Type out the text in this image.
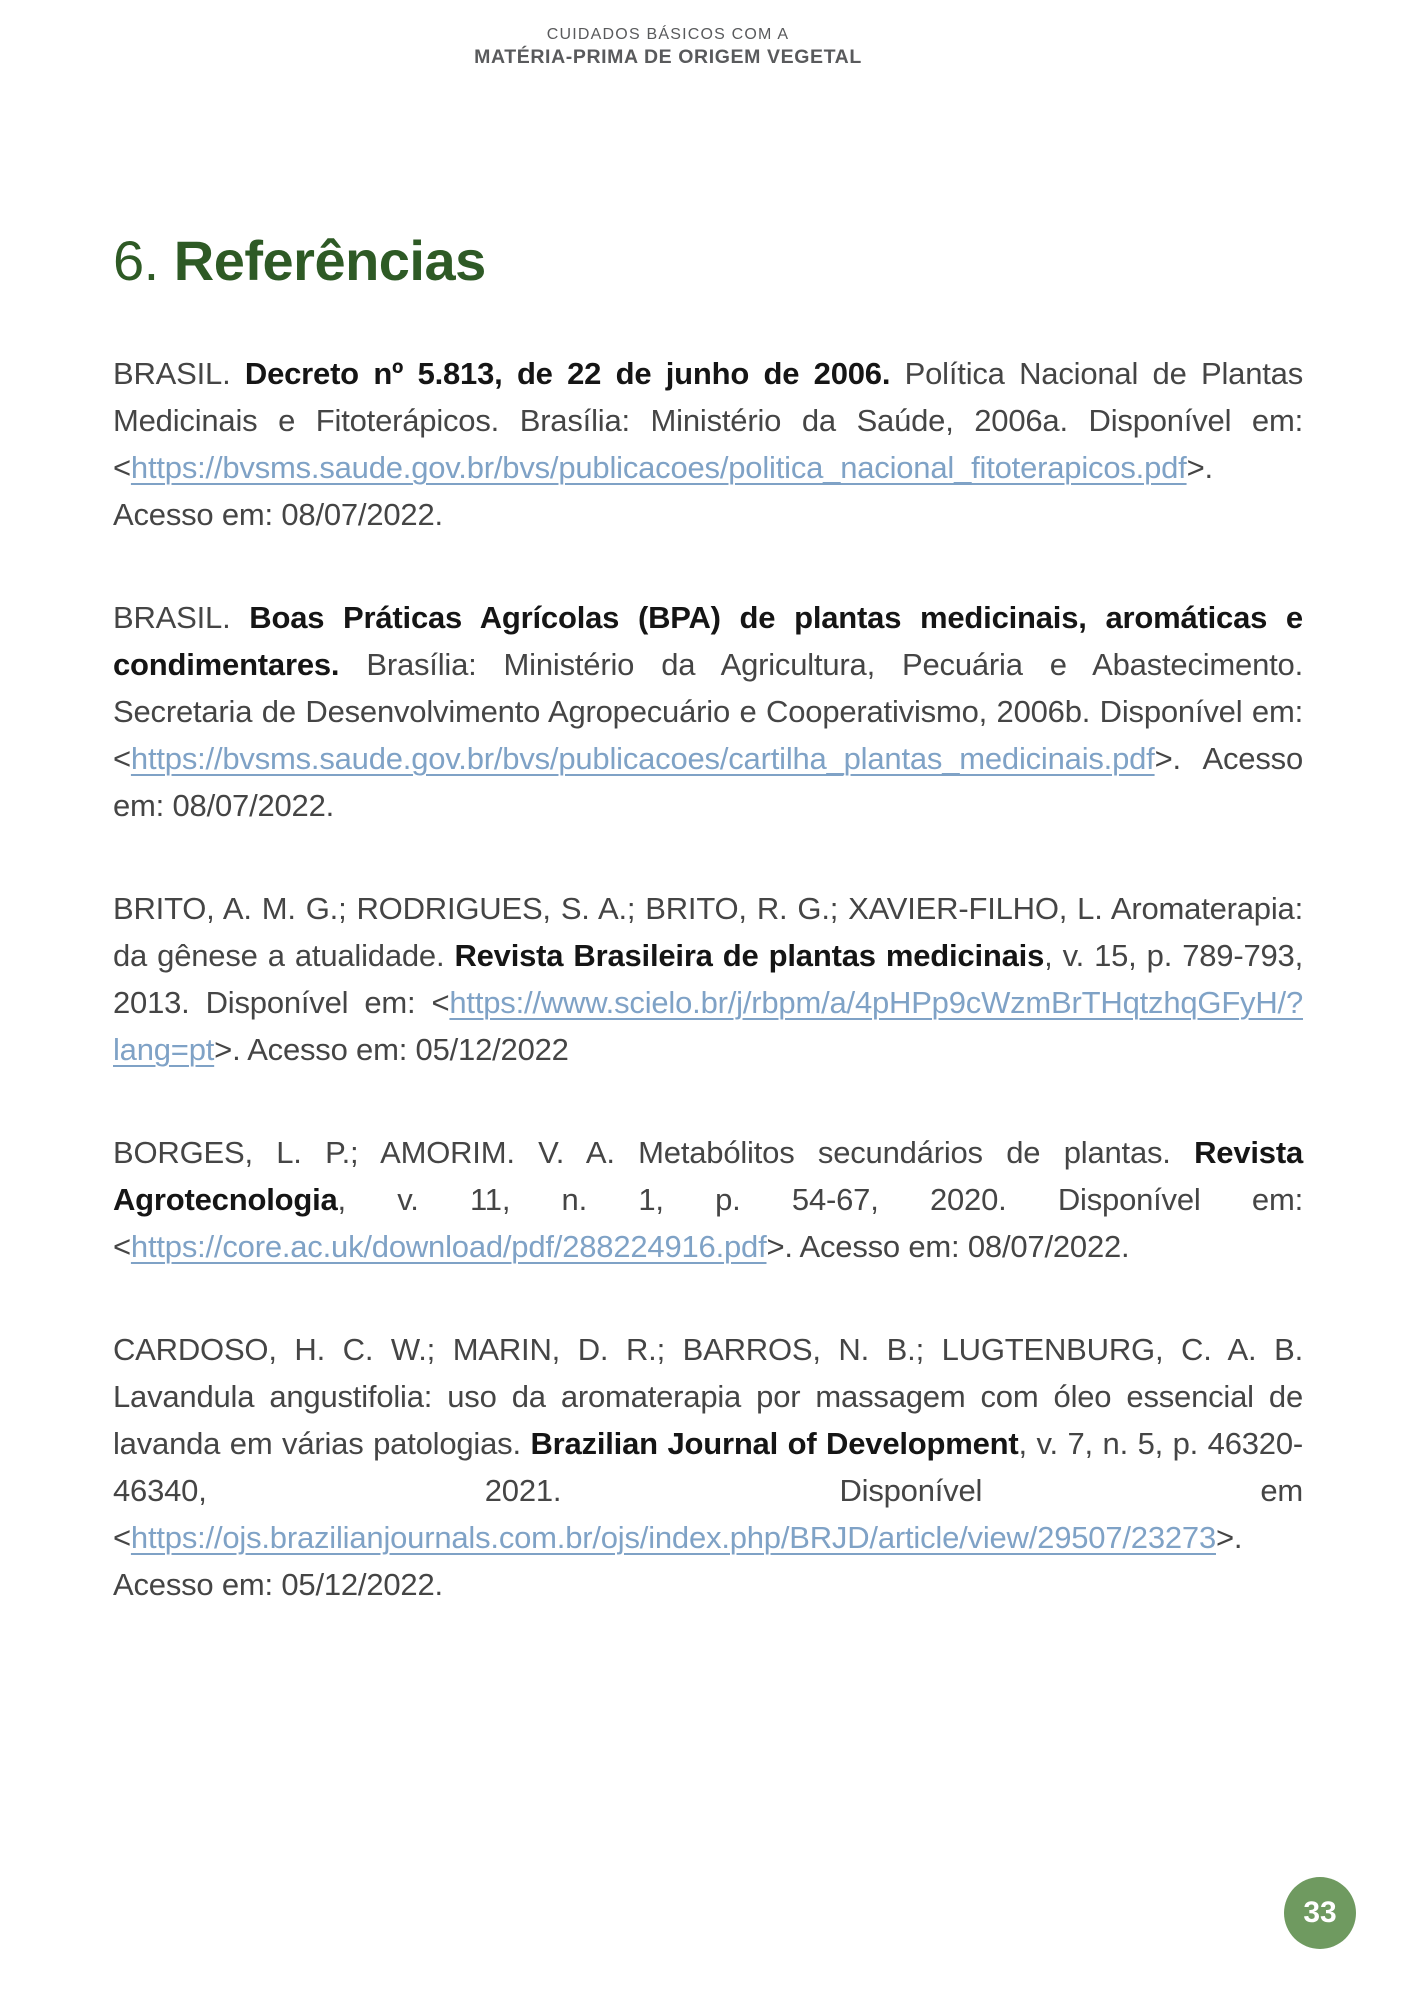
CUIDADOS BÁSICOS COM A
MATÉRIA-PRIMA DE ORIGEM VEGETAL
6. Referências

BRASIL. Decreto nº 5.813, de 22 de junho de 2006. Política Nacional de Plantas Medicinais e Fitoterápicos. Brasília: Ministério da Saúde, 2006a. Disponível em: <https://bvsms.saude.gov.br/bvs/publicacoes/politica_nacional_fitoterapicos.pdf>. Acesso em: 08/07/2022.

BRASIL. Boas Práticas Agrícolas (BPA) de plantas medicinais, aromáticas e condimentares. Brasília: Ministério da Agricultura, Pecuária e Abastecimento. Secretaria de Desenvolvimento Agropecuário e Cooperativismo, 2006b. Disponível em: <https://bvsms.saude.gov.br/bvs/publicacoes/cartilha_plantas_medicinais.pdf>. Acesso em: 08/07/2022.

BRITO, A. M. G.; RODRIGUES, S. A.; BRITO, R. G.; XAVIER-FILHO, L. Aromaterapia: da gênese a atualidade. Revista Brasileira de plantas medicinais, v. 15, p. 789-793, 2013. Disponível em: <https://www.scielo.br/j/rbpm/a/4pHPp9cWzmBrTHqtzhqGFyH/?lang=pt>. Acesso em: 05/12/2022

BORGES, L. P.; AMORIM. V. A. Metabólitos secundários de plantas. Revista Agrotecnologia, v. 11, n. 1, p. 54-67, 2020. Disponível em: <https://core.ac.uk/download/pdf/288224916.pdf>. Acesso em: 08/07/2022.

CARDOSO, H. C. W.; MARIN, D. R.; BARROS, N. B.; LUGTENBURG, C. A. B. Lavandula angustifolia: uso da aromaterapia por massagem com óleo essencial de lavanda em várias patologias. Brazilian Journal of Development, v. 7, n. 5, p. 46320-46340, 2021. Disponível em <https://ojs.brazilianjournals.com.br/ojs/index.php/BRJD/article/view/29507/23273>. Acesso em: 05/12/2022.

33
